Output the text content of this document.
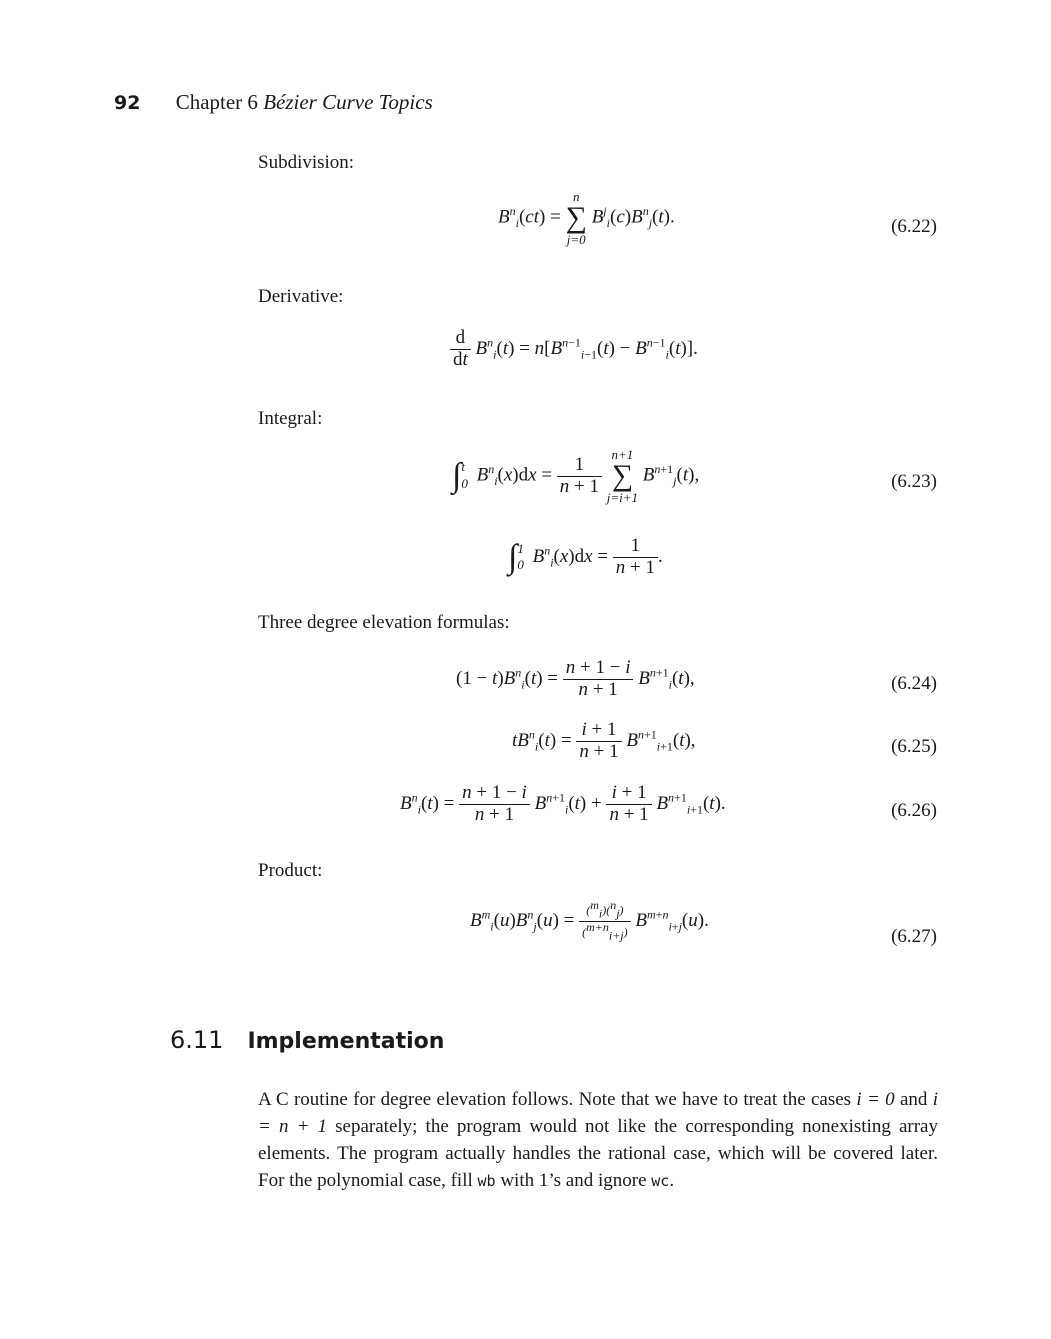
92 Chapter 6 Bézier Curve Topics
Subdivision:
$B^n_i(ct)$ =
n
∑
j=0
$B^j_i(c)B^n_j(t)$.	(6.22)
Derivative:
$\frac{d}{dt} B^n_i(t) = n[B^{n-1}_{i-1}(t) - B^{n-1}_i(t)]$.
Integral:
∫t
0 $B^n_i(x)dx = \frac{1}{n + 1}$

n+1
∑
j=i+1
$B^{n+1}_j(t)$,	(6.23)
∫1
0 $B^n_i(x)dx = \frac{1}{n + 1}$ .
Three degree elevation formulas:
$(1 - t)B^n_i(t) = \frac{n + 1 - i}{n + 1} B^{n+1}_i(t)$,	(6.24)
$tB^n_i(t) = \frac{i + 1}{n + 1} B^{n+1}_{i+1}(t)$,	(6.25)
$B^n_i(t) = \frac{n + 1 - i}{n + 1} B^{n+1}_i(t) + \frac{i + 1}{n + 1} B^{n+1}_{i+1}(t)$.	(6.26)
Product:
$B^m_i(u)B^n_j(u) = \frac{(^m_i)(^n_j)}{(^{m+n}_{i+j})} B^{m+n}_{i+j}(u)$.
(6.27)
6.11 Implementation
A C routine for degree elevation follows. Note that we have to treat the cases i = 0 and i = n + 1 separately; the program would not like the corresponding nonexisting array elements. The program actually handles the rational case, which will be covered later. For the polynomial case, fill wb with 1’s and ignore wc.
